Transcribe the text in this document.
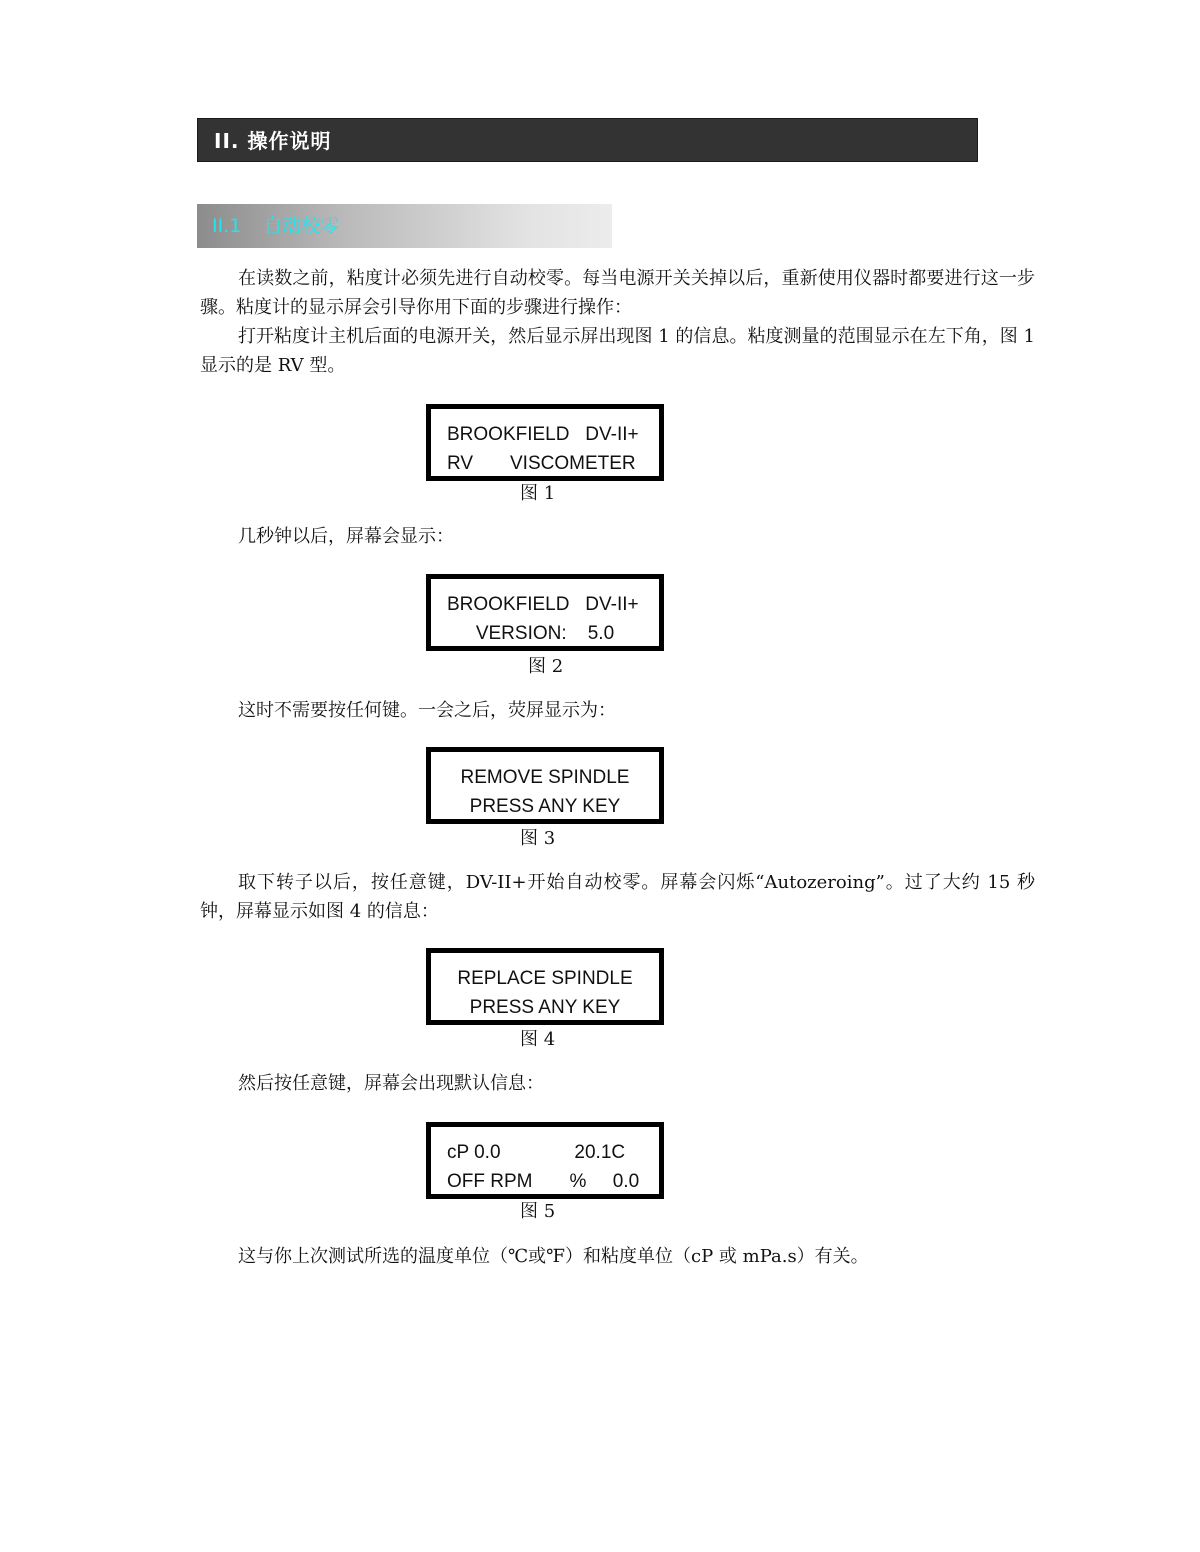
II. 操作说明
II.1 自动校零

在读数之前，粘度计必须先进行自动校零。每当电源开关关掉以后，重新使用仪器时都要进行这一步骤。粘度计的显示屏会引导你用下面的步骤进行操作：

打开粘度计主机后面的电源开关，然后显示屏出现图 1 的信息。粘度测量的范围显示在左下角，图 1 显示的是 RV 型。

BROOKFIELD   DV-II+
RV       VISCOMETER
图 1

几秒钟以后，屏幕会显示：

BROOKFIELD   DV-II+
VERSION:    5.0
图 2

这时不需要按任何键。一会之后，荧屏显示为：

REMOVE SPINDLE
PRESS ANY KEY
图 3

取下转子以后，按任意键，DV-II+开始自动校零。屏幕会闪烁“Autozeroing”。过了大约 15 秒钟，屏幕显示如图 4 的信息：

REPLACE SPINDLE
PRESS ANY KEY
图 4

然后按任意键，屏幕会出现默认信息：

cP 0.0              20.1C
OFF RPM       %     0.0
图 5

这与你上次测试所选的温度单位（℃或℉）和粘度单位（cP 或 mPa.s）有关。
